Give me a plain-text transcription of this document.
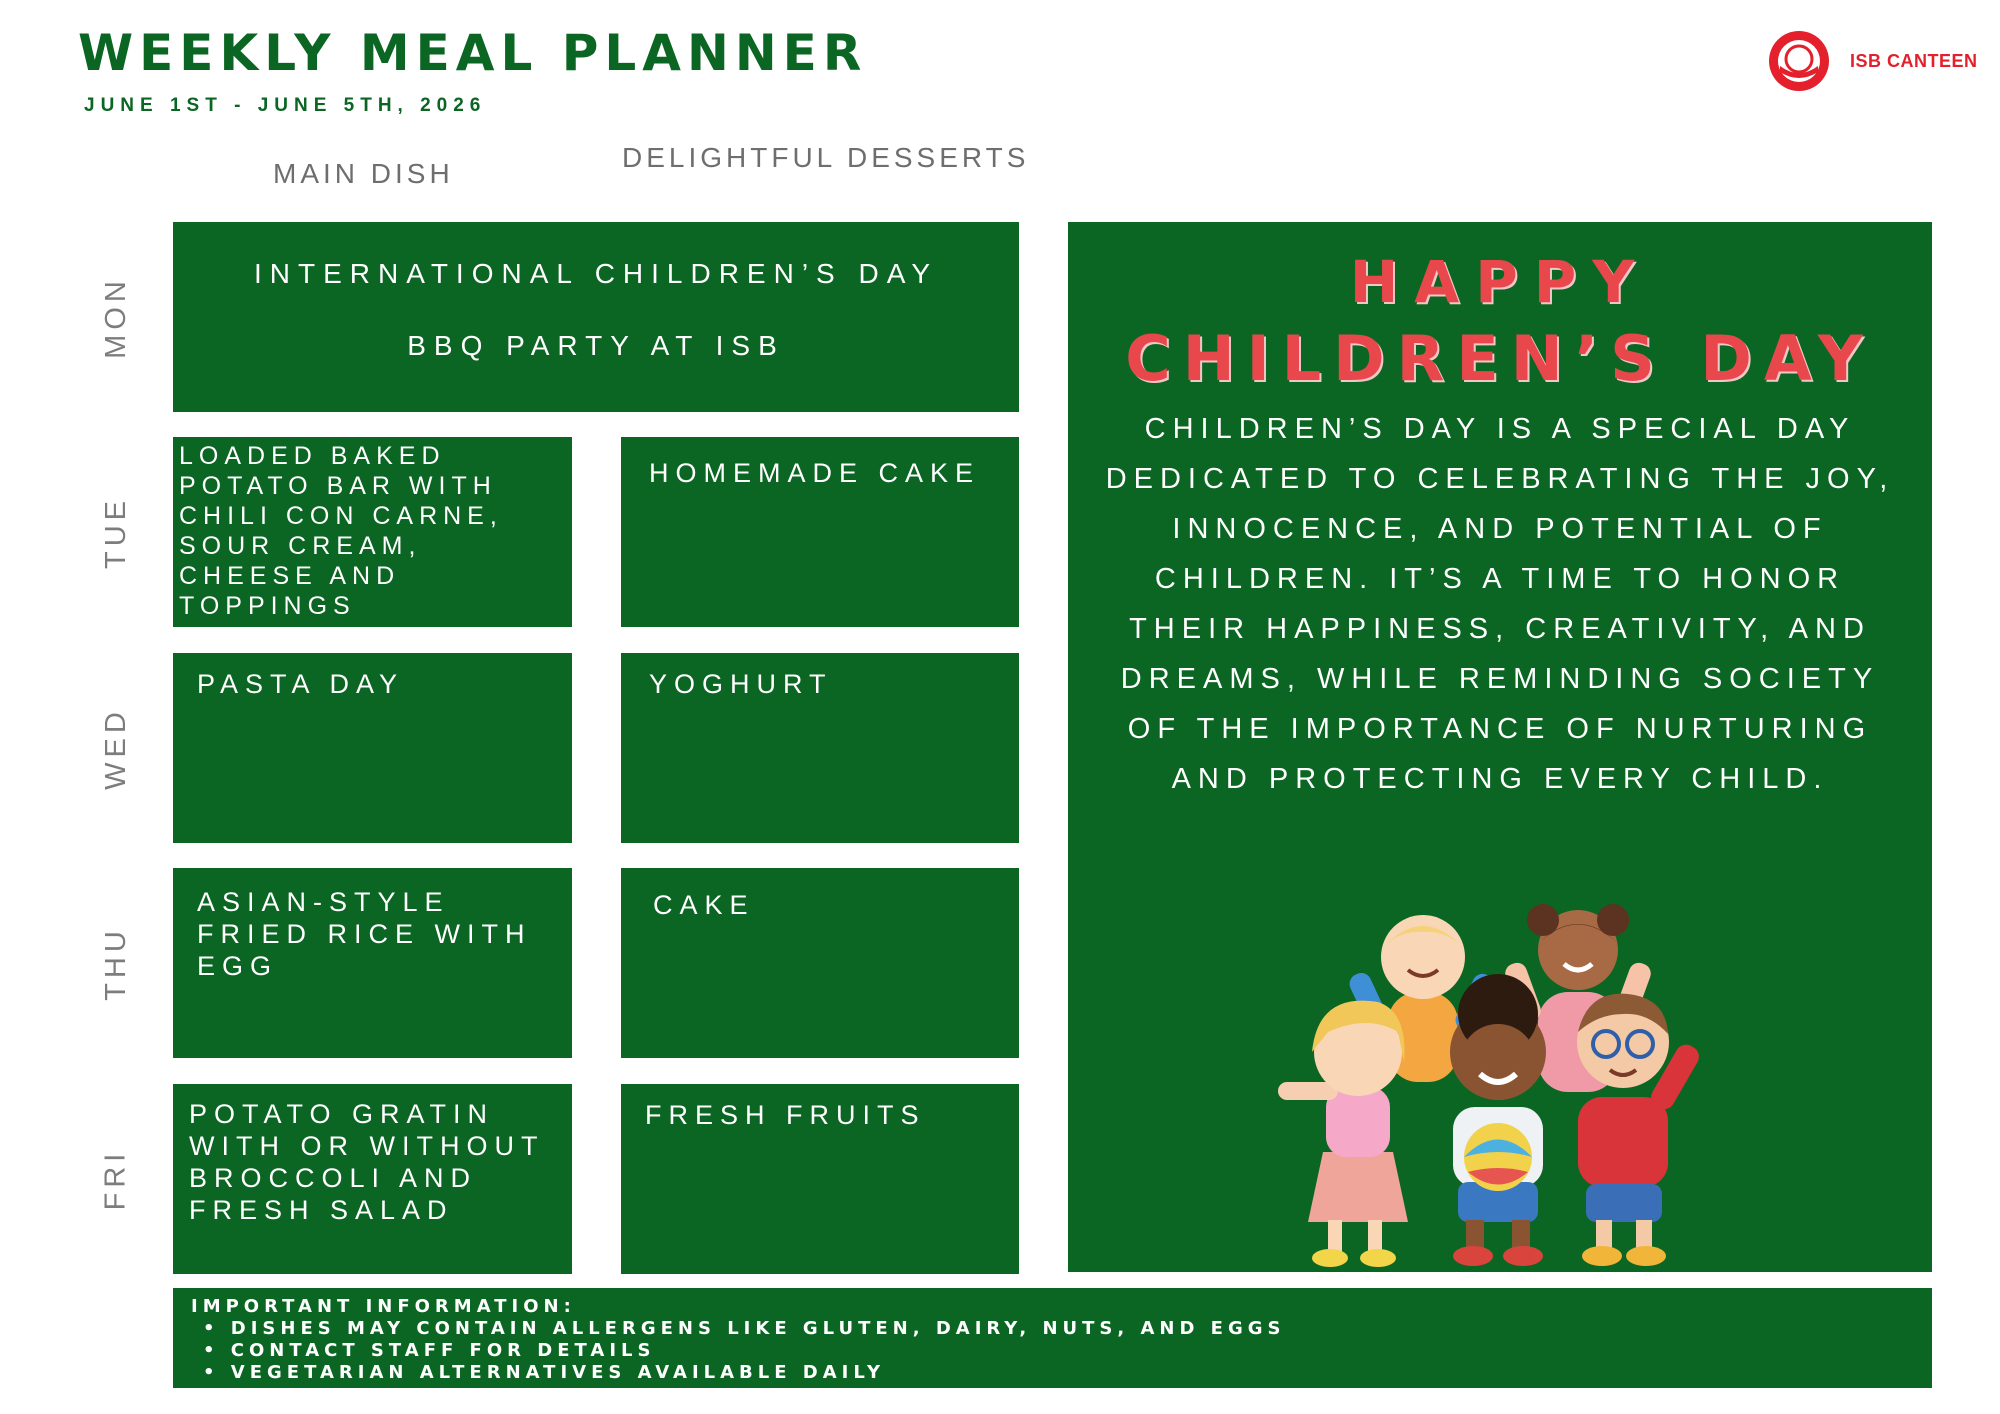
WEEKLY MEAL PLANNER
JUNE 1ST - JUNE 5TH, 2026
ISB CANTEEN
MAIN DISH
DELIGHTFUL DESSERTS
MON
TUE
WED
THU
FRI
INTERNATIONAL CHILDREN’S DAY
BBQ PARTY AT ISB
LOADED BAKED POTATO BAR WITH CHILI CON CARNE, SOUR CREAM, CHEESE AND TOPPINGS
HOMEMADE CAKE
PASTA DAY	YOGHURT
ASIAN-STYLE FRIED RICE WITH EGG
CAKE
POTATO GRATIN WITH OR WITHOUT BROCCOLI AND FRESH SALAD
FRESH FRUITS
HAPPY
CHILDREN’S DAY
CHILDREN’S DAY IS A SPECIAL DAY DEDICATED TO CELEBRATING THE JOY, INNOCENCE, AND POTENTIAL OF CHILDREN. IT’S A TIME TO HONOR THEIR HAPPINESS, CREATIVITY, AND DREAMS, WHILE REMINDING SOCIETY OF THE IMPORTANCE OF NURTURING AND PROTECTING EVERY CHILD.
IMPORTANT INFORMATION:
• DISHES MAY CONTAIN ALLERGENS LIKE GLUTEN, DAIRY, NUTS, AND EGGS
• CONTACT STAFF FOR DETAILS
• VEGETARIAN ALTERNATIVES AVAILABLE DAILY
